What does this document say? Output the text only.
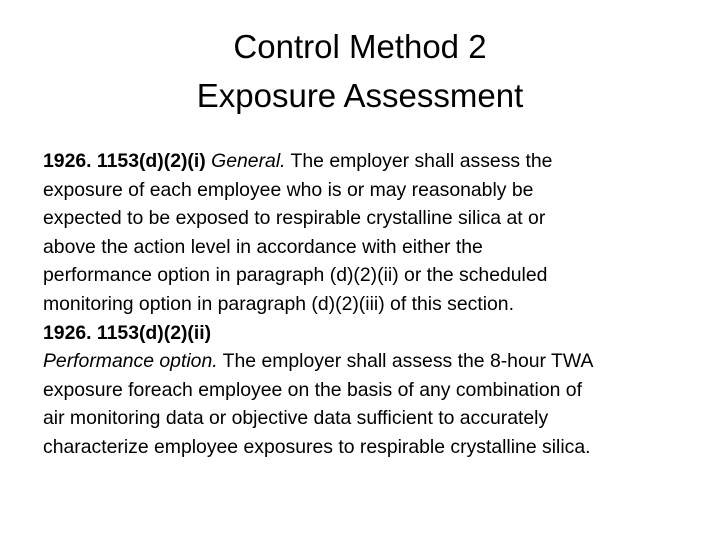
Control Method 2
Exposure Assessment
1926. 1153(d)(2)(i) General. The employer shall assess the
exposure of each employee who is or may reasonably be
expected to be exposed to respirable crystalline silica at or
above the action level in accordance with either the
performance option in paragraph (d)(2)(ii) or the scheduled
monitoring option in paragraph (d)(2)(iii) of this section.
1926. 1153(d)(2)(ii)
Performance option. The employer shall assess the 8-hour TWA
exposure foreach employee on the basis of any combination of
air monitoring data or objective data sufficient to accurately
characterize employee exposures to respirable crystalline silica.
